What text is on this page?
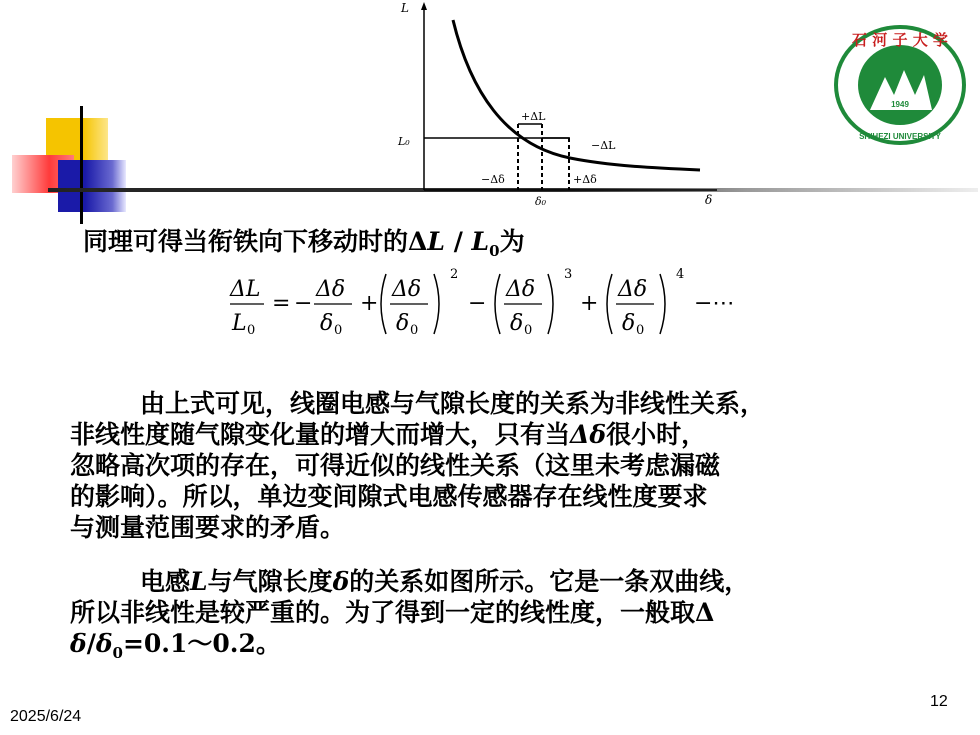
L
δ
L₀
+ΔL
−ΔL
−Δδ	+Δδ
δ₀
1949
石 河 子 大 学
SHIHEZI UNIVERSITY
同理可得当衔铁向下移动时的ΔL / $L_0$为
ΔL
L 0
= −
Δδ
δ 0
+
Δδ
δ 0
2
−
Δδ
δ 0
3
+
Δδ
δ 0
4
−⋯
由上式可见，线圈电感与气隙长度的关系为非线性关系，
非线性度随气隙变化量的增大而增大，只有当Δδ很小时，
忽略高次项的存在，可得近似的线性关系（这里未考虑漏磁
的影响）。所以，单边变间隙式电感传感器存在线性度要求
与测量范围要求的矛盾。
电感L与气隙长度δ的关系如图所示。它是一条双曲线，
所以非线性是较严重的。为了得到一定的线性度，一般取Δ
$\delta/\delta_0=0.1\sim 0.2$。
2025/6/24
12
